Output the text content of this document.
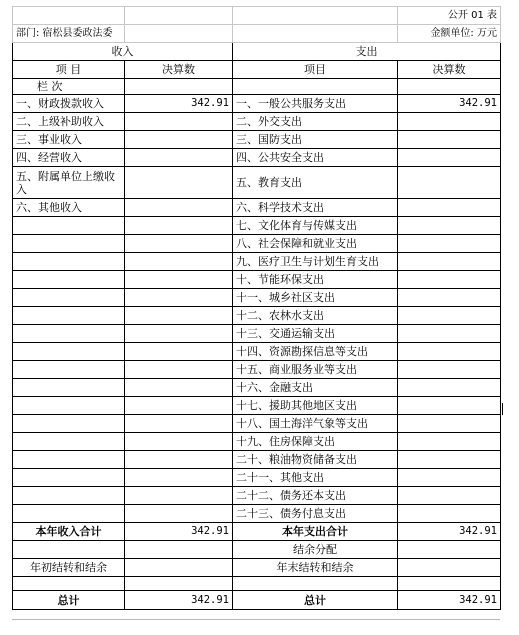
			公开 01 表
部门: 宿松县委政法委			金额单位: 万元
收入		支出	
项 目	决算数	项目	决算数
栏 次			
一、财政拨款收入	342.91	一、一般公共服务支出	342.91
二、上级补助收入		二、外交支出	
三、事业收入		三、国防支出	
四、经营收入		四、公共安全支出	
五、附属单位上缴收入		五、教育支出	
六、其他收入		六、科学技术支出	
		七、文化体育与传媒支出	
		八、社会保障和就业支出	
		九、医疗卫生与计划生育支出	
		十、节能环保支出	
		十一、城乡社区支出	
		十二、农林水支出	
		十三、交通运输支出	
		十四、资源勘探信息等支出	
		十五、商业服务业等支出	
		十六、金融支出	
		十七、援助其他地区支出	
		十八、国土海洋气象等支出	
		十九、住房保障支出	
		二十、粮油物资储备支出	
		二十一、其他支出	
		二十二、债务还本支出	
		二十三、债务付息支出	
本年收入合计	342.91	本年支出合计	342.91
		结余分配	
年初结转和结余		年末结转和结余	

总计	342.91	总计	342.91
